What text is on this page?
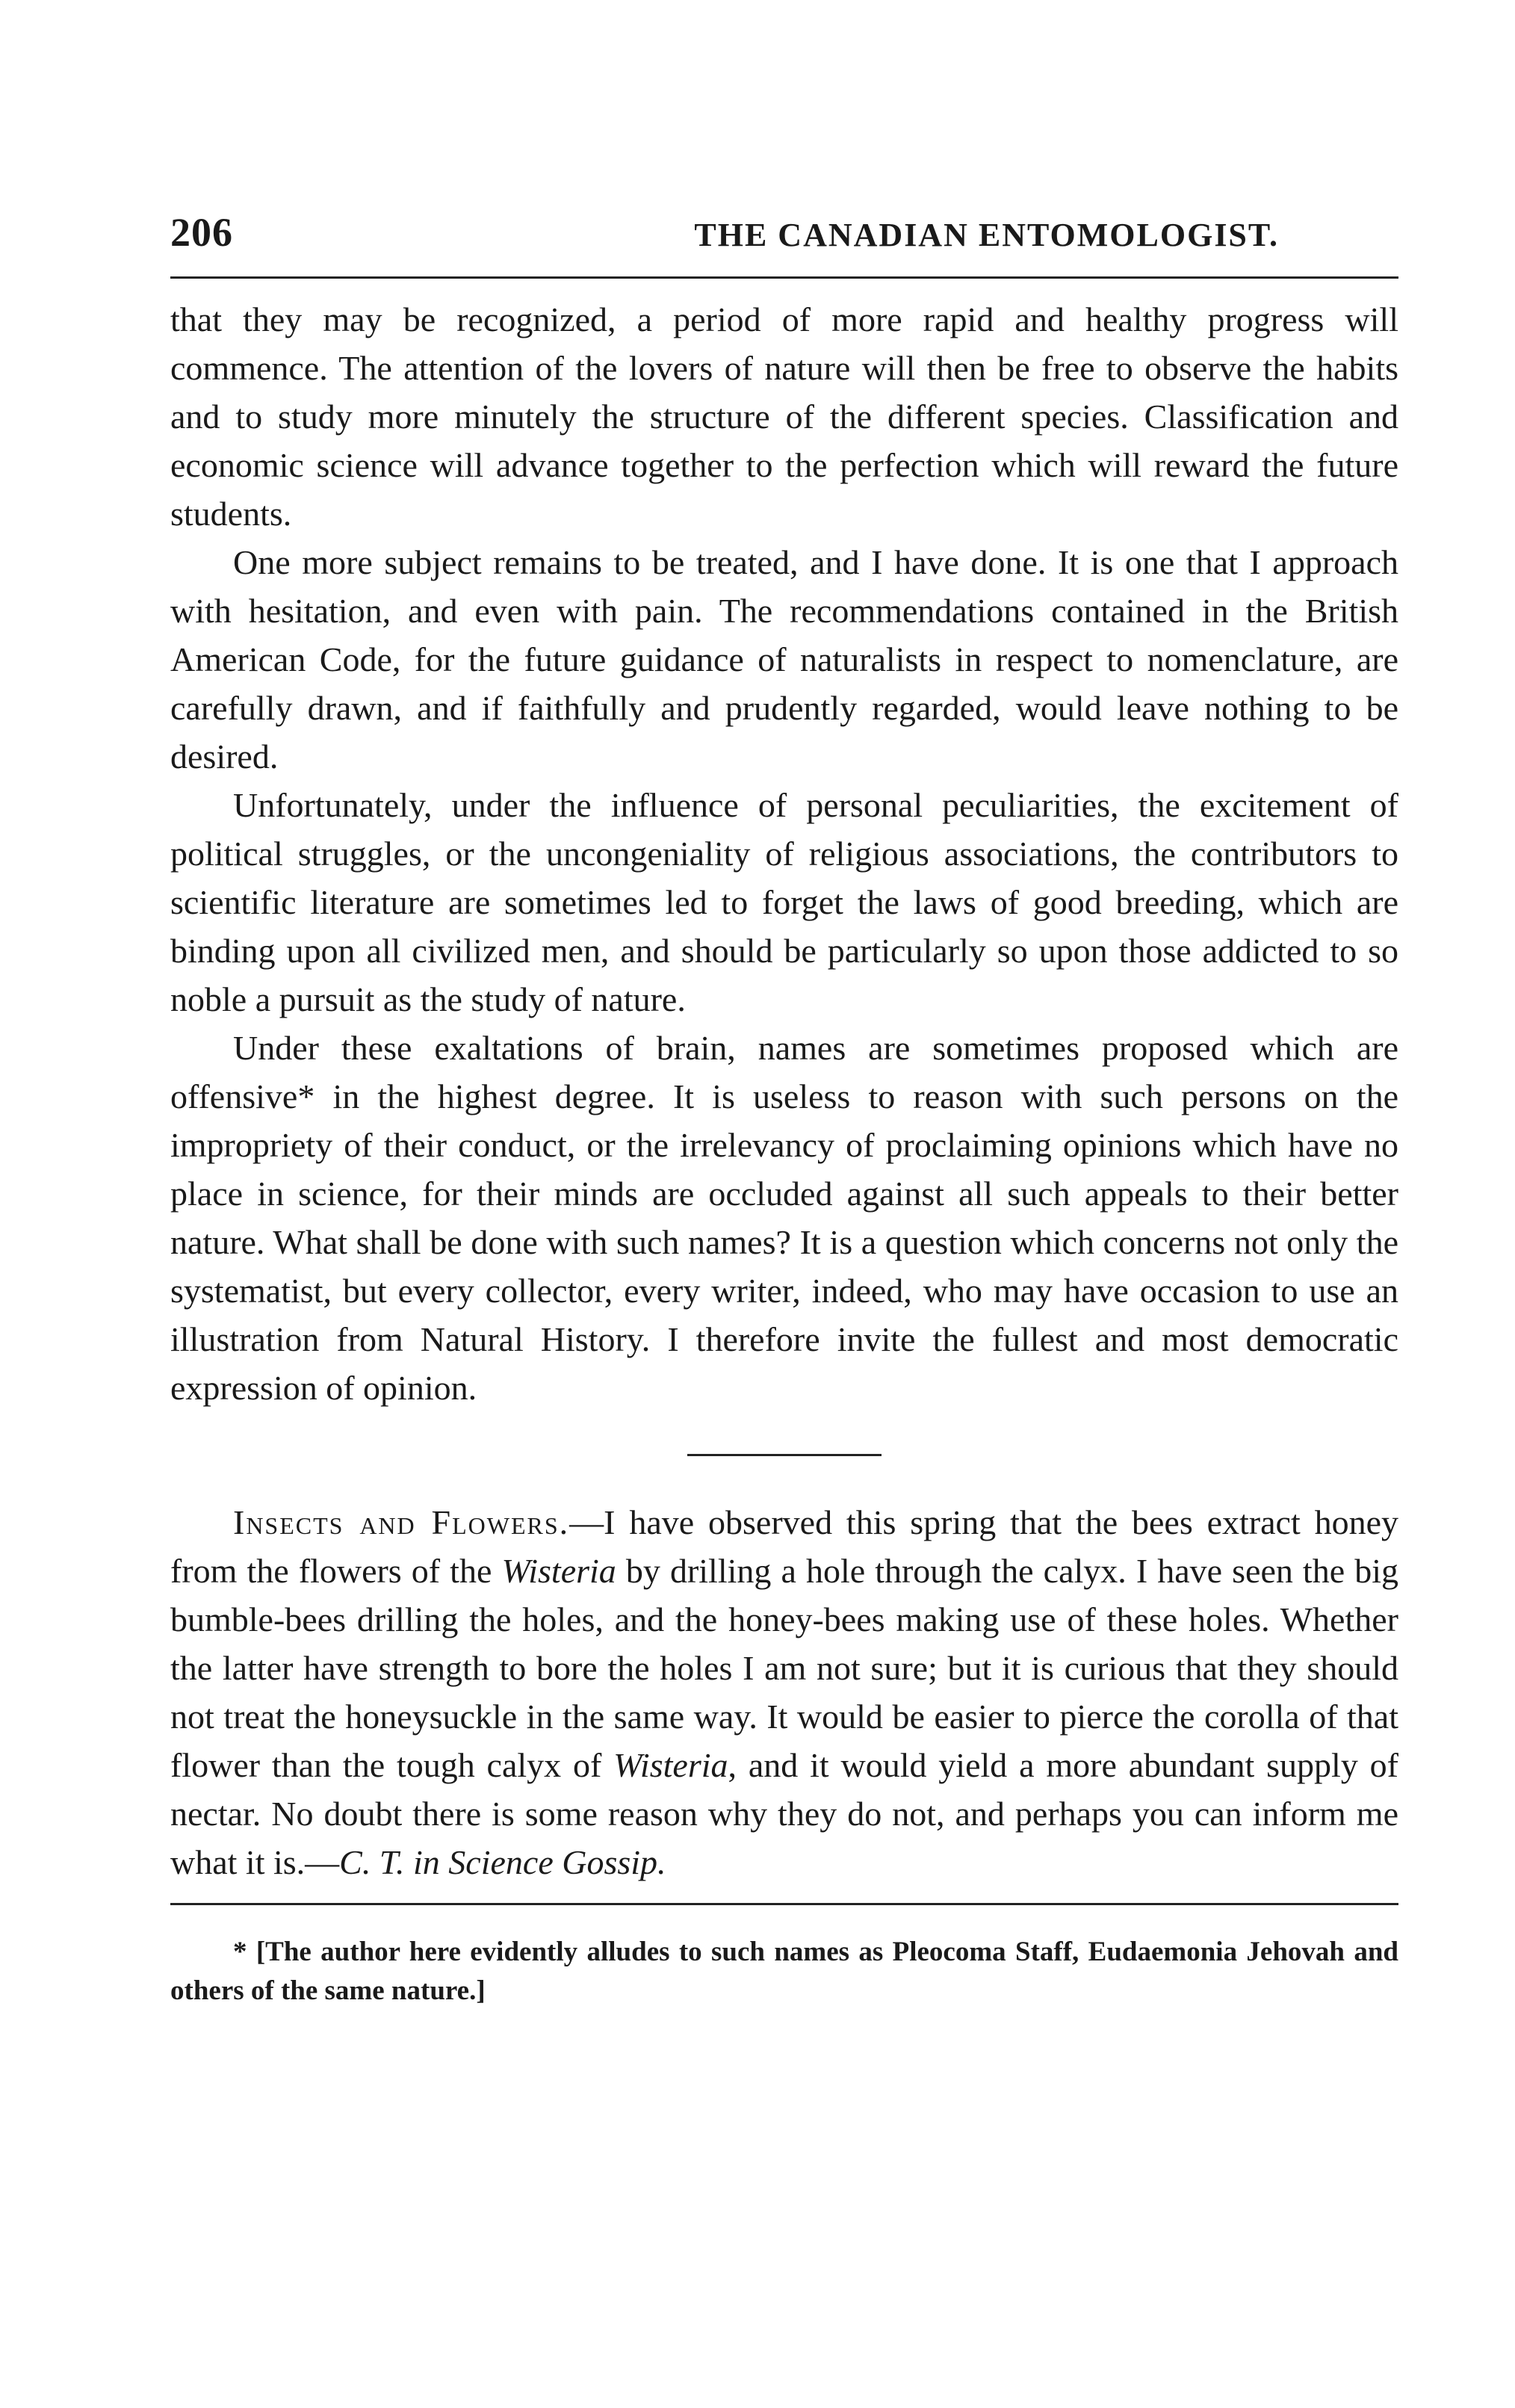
206	THE CANADIAN ENTOMOLOGIST.

that they may be recognized, a period of more rapid and healthy progress will commence. The attention of the lovers of nature will then be free to observe the habits and to study more minutely the structure of the different species. Classification and economic science will advance together to the perfection which will reward the future students.

One more subject remains to be treated, and I have done. It is one that I approach with hesitation, and even with pain. The recommendations contained in the British American Code, for the future guidance of naturalists in respect to nomenclature, are carefully drawn, and if faithfully and prudently regarded, would leave nothing to be desired.

Unfortunately, under the influence of personal peculiarities, the excitement of political struggles, or the uncongeniality of religious associations, the contributors to scientific literature are sometimes led to forget the laws of good breeding, which are binding upon all civilized men, and should be particularly so upon those addicted to so noble a pursuit as the study of nature.

Under these exaltations of brain, names are sometimes proposed which are offensive* in the highest degree. It is useless to reason with such persons on the impropriety of their conduct, or the irrelevancy of proclaiming opinions which have no place in science, for their minds are occluded against all such appeals to their better nature. What shall be done with such names? It is a question which concerns not only the systematist, but every collector, every writer, indeed, who may have occasion to use an illustration from Natural History. I therefore invite the fullest and most democratic expression of opinion.

Insects and Flowers.—I have observed this spring that the bees extract honey from the flowers of the Wisteria by drilling a hole through the calyx. I have seen the big bumble-bees drilling the holes, and the honey-bees making use of these holes. Whether the latter have strength to bore the holes I am not sure; but it is curious that they should not treat the honeysuckle in the same way. It would be easier to pierce the corolla of that flower than the tough calyx of Wisteria, and it would yield a more abundant supply of nectar. No doubt there is some reason why they do not, and perhaps you can inform me what it is.—C. T. in Science Gossip.

* [The author here evidently alludes to such names as Pleocoma Staff, Eudaemonia Jehovah and others of the same nature.]
